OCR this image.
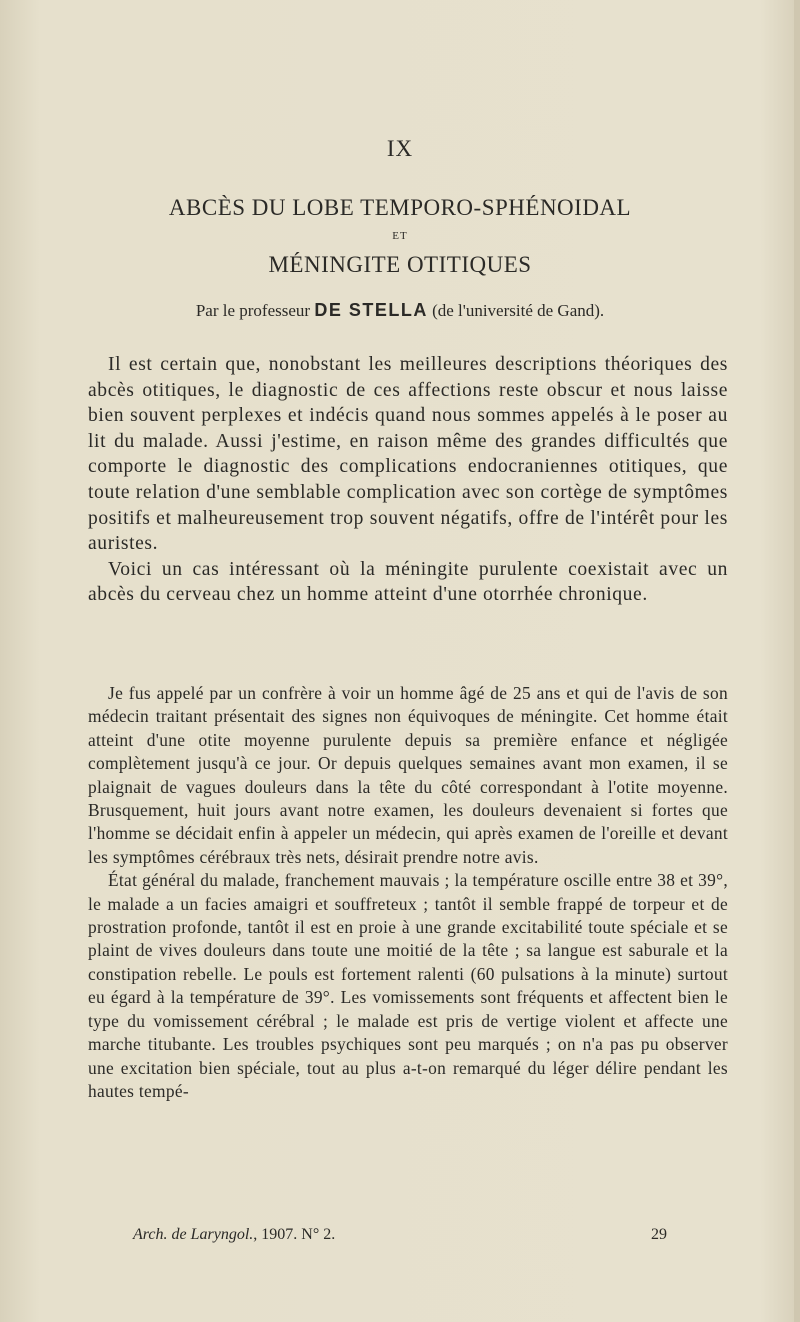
IX
ABCÈS DU LOBE TEMPORO-SPHÉNOIDAL
ET
MÉNINGITE OTITIQUES
Par le professeur DE STELLA (de l'université de Gand).

Il est certain que, nonobstant les meilleures descriptions théoriques des abcès otitiques, le diagnostic de ces affections reste obscur et nous laisse bien souvent perplexes et indécis quand nous sommes appelés à le poser au lit du malade. Aussi j'estime, en raison même des grandes difficultés que comporte le diagnostic des complications endocraniennes otitiques, que toute relation d'une semblable complication avec son cortège de symptômes positifs et malheureusement trop souvent négatifs, offre de l'intérêt pour les auristes.

Voici un cas intéressant où la méningite purulente coexistait avec un abcès du cerveau chez un homme atteint d'une otorrhée chronique.

Je fus appelé par un confrère à voir un homme âgé de 25 ans et qui de l'avis de son médecin traitant présentait des signes non équivoques de méningite. Cet homme était atteint d'une otite moyenne purulente depuis sa première enfance et négligée complètement jusqu'à ce jour. Or depuis quelques semaines avant mon examen, il se plaignait de vagues douleurs dans la tête du côté correspondant à l'otite moyenne. Brusquement, huit jours avant notre examen, les douleurs devenaient si fortes que l'homme se décidait enfin à appeler un médecin, qui après examen de l'oreille et devant les symptômes cérébraux très nets, désirait prendre notre avis.

État général du malade, franchement mauvais ; la température oscille entre 38 et 39°, le malade a un facies amaigri et souffreteux ; tantôt il semble frappé de torpeur et de prostration profonde, tantôt il est en proie à une grande excitabilité toute spéciale et se plaint de vives douleurs dans toute une moitié de la tête ; sa langue est saburale et la constipation rebelle. Le pouls est fortement ralenti (60 pulsations à la minute) surtout eu égard à la température de 39°. Les vomissements sont fréquents et affectent bien le type du vomissement cérébral ; le malade est pris de vertige violent et affecte une marche titubante. Les troubles psychiques sont peu marqués ; on n'a pas pu observer une excitation bien spéciale, tout au plus a-t-on remarqué du léger délire pendant les hautes tempé-

Arch. de Laryngol., 1907. N° 2.	29
